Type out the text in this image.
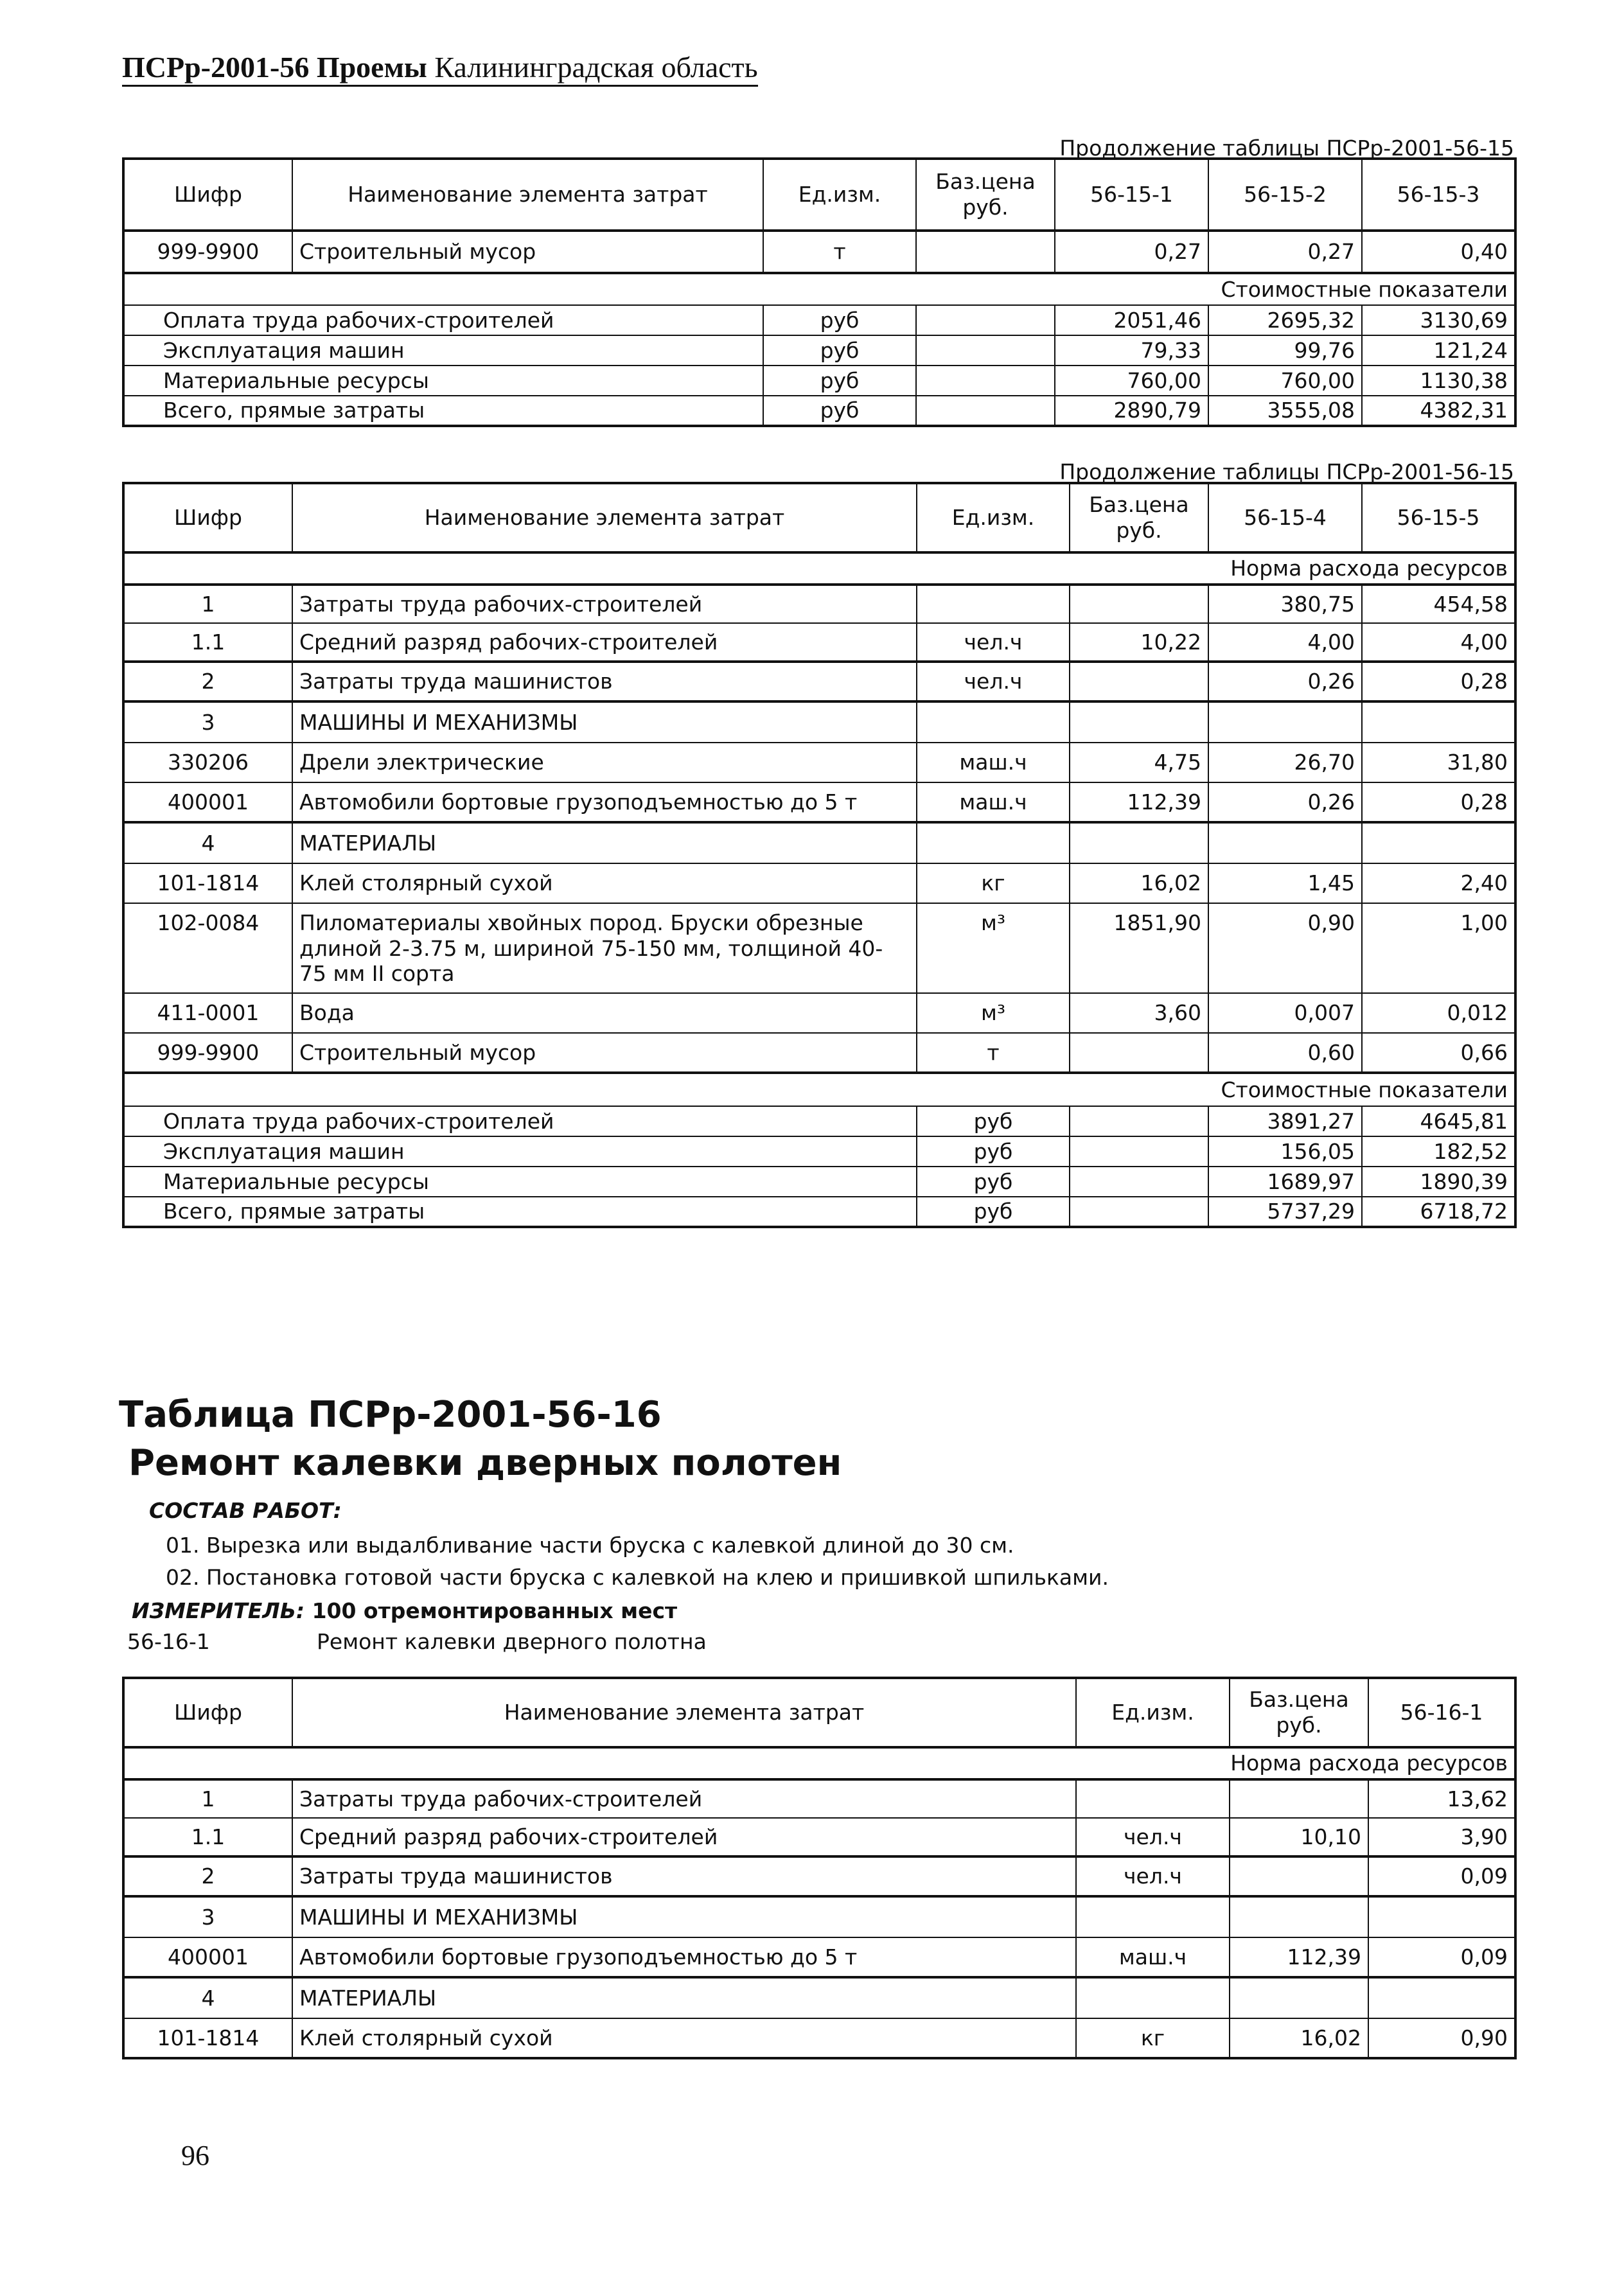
ПСРр-2001-56 Проемы Калининградская область
Продолжение таблицы ПСРр-2001-56-15
Шифр	Наименование элемента затрат	Ед.изм.	Баз.цена руб.	56-15-1	56-15-2	56-15-3
999-9900	Строительный мусор	т		0,27	0,27	0,40
Стоимостные показатели						
Оплата труда рабочих-строителей		руб		2051,46	2695,32	3130,69
Эксплуатация машин		руб		79,33	99,76	121,24
Материальные ресурсы		руб		760,00	760,00	1130,38
Всего, прямые затраты		руб		2890,79	3555,08	4382,31
Продолжение таблицы ПСРр-2001-56-15
Шифр	Наименование элемента затрат	Ед.изм.	Баз.цена руб.	56-15-4	56-15-5
Норма расхода ресурсов					
1	Затраты труда рабочих-строителей			380,75	454,58
1.1	Средний разряд рабочих-строителей	чел.ч	10,22	4,00	4,00
2	Затраты труда машинистов	чел.ч		0,26	0,28
3	МАШИНЫ И МЕХАНИЗМЫ				
330206	Дрели электрические	маш.ч	4,75	26,70	31,80
400001	Автомобили бортовые грузоподъемностью до 5 т	маш.ч	112,39	0,26	0,28
4	МАТЕРИАЛЫ				
101-1814	Клей столярный сухой	кг	16,02	1,45	2,40
102-0084	Пиломатериалы хвойных пород. Бруски обрезные длиной 2-3.75 м, шириной 75-150 мм, толщиной 40-75 мм II сорта	м³	1851,90	0,90	1,00
411-0001	Вода	м³	3,60	0,007	0,012
999-9900	Строительный мусор	т		0,60	0,66
Стоимостные показатели					
Оплата труда рабочих-строителей		руб		3891,27	4645,81
Эксплуатация машин		руб		156,05	182,52
Материальные ресурсы		руб		1689,97	1890,39
Всего, прямые затраты		руб		5737,29	6718,72
Таблица ПСРр-2001-56-16
Ремонт калевки дверных полотен
СОСТАВ РАБОТ:
01. Вырезка или выдалбливание части бруска с калевкой длиной до 30 см.
02. Постановка готовой части бруска с калевкой на клею и пришивкой шпильками.
ИЗМЕРИТЕЛЬ: 100 отремонтированных мест
56-16-1	Ремонт калевки дверного полотна
Шифр	Наименование элемента затрат	Ед.изм.	Баз.цена руб.	56-16-1
Норма расхода ресурсов				
1	Затраты труда рабочих-строителей			13,62
1.1	Средний разряд рабочих-строителей	чел.ч	10,10	3,90
2	Затраты труда машинистов	чел.ч		0,09
3	МАШИНЫ И МЕХАНИЗМЫ			
400001	Автомобили бортовые грузоподъемностью до 5 т	маш.ч	112,39	0,09
4	МАТЕРИАЛЫ			
101-1814	Клей столярный сухой	кг	16,02	0,90
96
